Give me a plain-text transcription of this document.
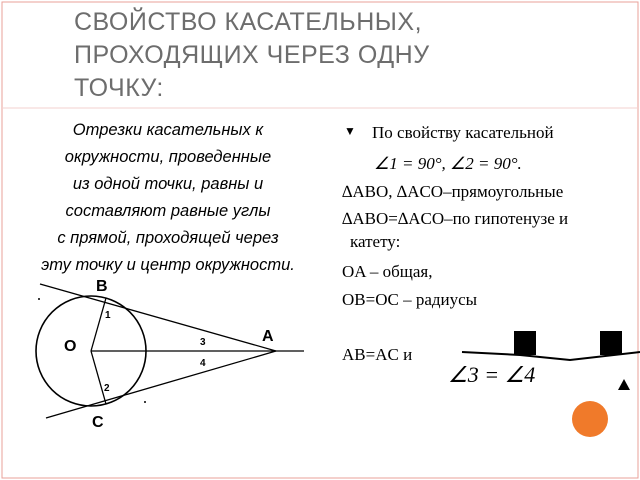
СВОЙСТВО КАСАТЕЛЬНЫХ,
ПРОХОДЯЩИХ ЧЕРЕЗ ОДНУ
ТОЧКУ:
Отрезки касательных к
окружности, проведенные
из одной точки, равны и
составляют равные углы
с прямой, проходящей через
эту точку и центр окружности.
B
O
A
C
1
2
3
4
▼ По свойству касательной
∠1 = 90°, ∠2 = 90°.
∆ABO, ∆ACO–прямоугольные
∆ABO=∆ACO–по гипотенузе и
катету:
OA – общая,
OB=OC – радиусы
AB=AC и
∠3 = ∠4
